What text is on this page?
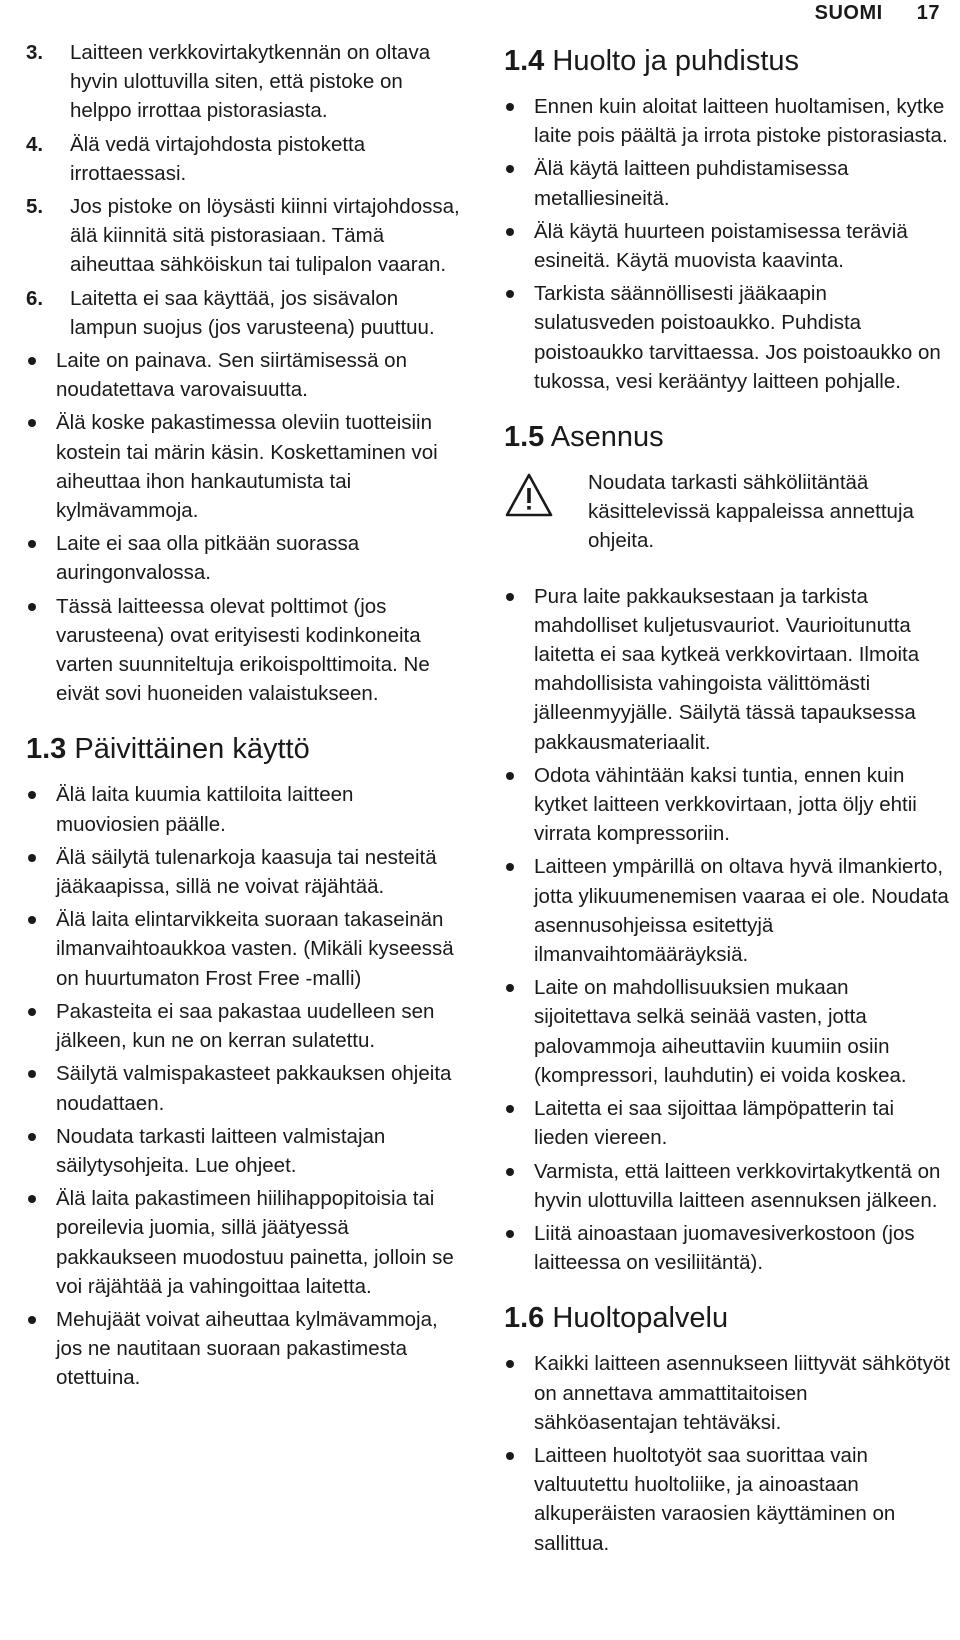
SUOMI 17
3. Laitteen verkkovirtakytkennän on oltava hyvin ulottuvilla siten, että pistoke on helppo irrottaa pistorasiasta.
4. Älä vedä virtajohdosta pistoketta irrottaessasi.
5. Jos pistoke on löysästi kiinni virtajohdossa, älä kiinnitä sitä pistorasiaan. Tämä aiheuttaa sähköiskun tai tulipalon vaaran.
6. Laitetta ei saa käyttää, jos sisävalon lampun suojus (jos varusteena) puuttuu.
Laite on painava. Sen siirtämisessä on noudatettava varovaisuutta.
Älä koske pakastimessa oleviin tuotteisiin kostein tai märin käsin. Koskettaminen voi aiheuttaa ihon hankautumista tai kylmävammoja.
Laite ei saa olla pitkään suorassa auringonvalossa.
Tässä laitteessa olevat polttimot (jos varusteena) ovat erityisesti kodinkoneita varten suunniteltuja erikoispolttimoita. Ne eivät sovi huoneiden valaistukseen.
1.3 Päivittäinen käyttö
Älä laita kuumia kattiloita laitteen muoviosien päälle.
Älä säilytä tulenarkoja kaasuja tai nesteitä jääkaapissa, sillä ne voivat räjähtää.
Älä laita elintarvikkeita suoraan takaseinän ilmanvaihtoaukkoa vasten. (Mikäli kyseessä on huurtumaton Frost Free -malli)
Pakasteita ei saa pakastaa uudelleen sen jälkeen, kun ne on kerran sulatettu.
Säilytä valmispakasteet pakkauksen ohjeita noudattaen.
Noudata tarkasti laitteen valmistajan säilytysohjeita. Lue ohjeet.
Älä laita pakastimeen hiilihappopitoisia tai poreilevia juomia, sillä jäätyessä pakkaukseen muodostuu painetta, jolloin se voi räjähtää ja vahingoittaa laitetta.
Mehujäät voivat aiheuttaa kylmävammoja, jos ne nautitaan suoraan pakastimesta otettuina.
1.4 Huolto ja puhdistus
Ennen kuin aloitat laitteen huoltamisen, kytke laite pois päältä ja irrota pistoke pistorasiasta.
Älä käytä laitteen puhdistamisessa metalliesineitä.
Älä käytä huurteen poistamisessa teräviä esineitä. Käytä muovista kaavinta.
Tarkista säännöllisesti jääkaapin sulatusveden poistoaukko. Puhdista poistoaukko tarvittaessa. Jos poistoaukko on tukossa, vesi kerääntyy laitteen pohjalle.
1.5 Asennus
Noudata tarkasti sähköliitäntää käsittelevissä kappaleissa annettuja ohjeita.
Pura laite pakkauksestaan ja tarkista mahdolliset kuljetusvauriot. Vaurioitunutta laitetta ei saa kytkeä verkkovirtaan. Ilmoita mahdollisista vahingoista välittömästi jälleenmyyjälle. Säilytä tässä tapauksessa pakkausmateriaalit.
Odota vähintään kaksi tuntia, ennen kuin kytket laitteen verkkovirtaan, jotta öljy ehtii virrata kompressoriin.
Laitteen ympärillä on oltava hyvä ilmankierto, jotta ylikuumenemisen vaaraa ei ole. Noudata asennusohjeissa esitettyjä ilmanvaihtomääräyksiä.
Laite on mahdollisuuksien mukaan sijoitettava selkä seinää vasten, jotta palovammoja aiheuttaviin kuumiin osiin (kompressori, lauhdutin) ei voida koskea.
Laitetta ei saa sijoittaa lämpöpatterin tai lieden viereen.
Varmista, että laitteen verkkovirtakytkentä on hyvin ulottuvilla laitteen asennuksen jälkeen.
Liitä ainoastaan juomavesiverkostoon (jos laitteessa on vesiliitäntä).
1.6 Huoltopalvelu
Kaikki laitteen asennukseen liittyvät sähkötyöt on annettava ammattitaitoisen sähköasentajan tehtäväksi.
Laitteen huoltotyöt saa suorittaa vain valtuutettu huoltoliike, ja ainoastaan alkuperäisten varaosien käyttäminen on sallittua.
